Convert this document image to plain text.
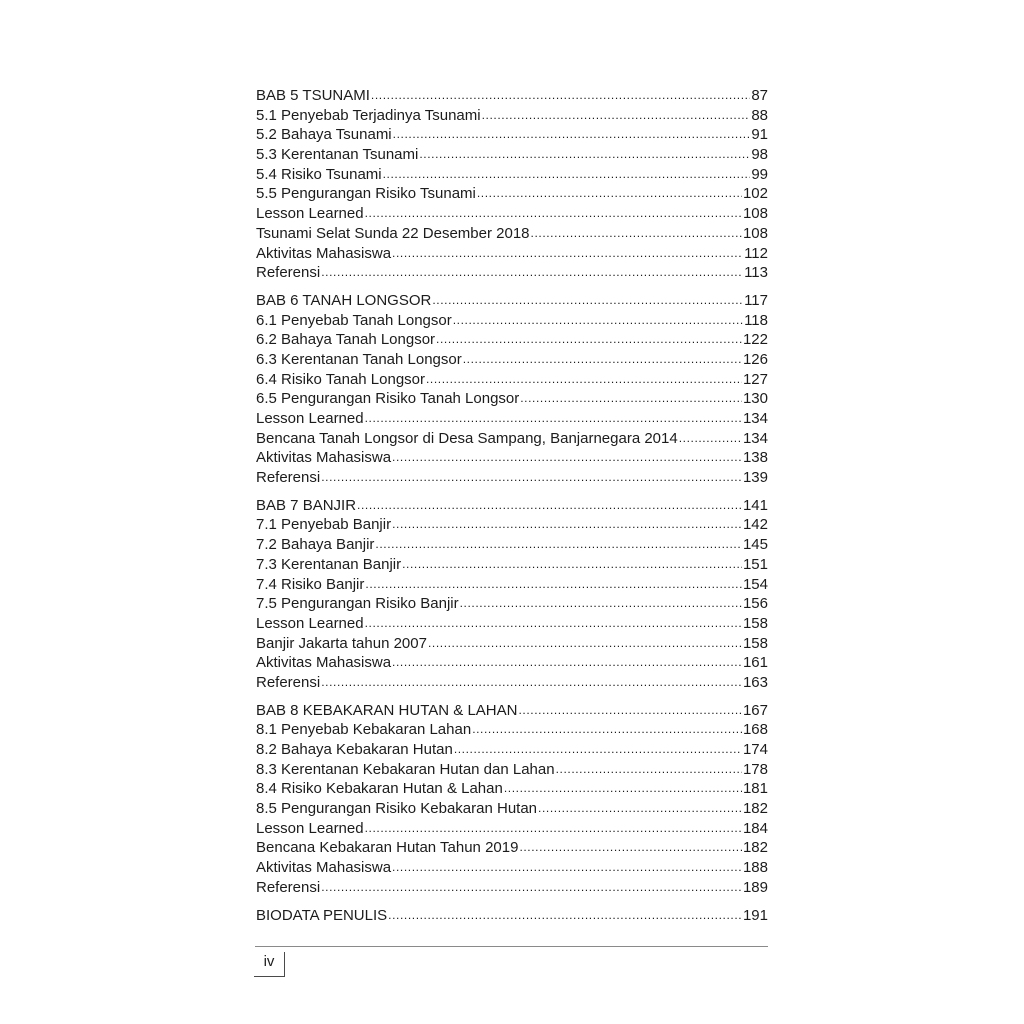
BAB 5 TSUNAMI .....	87
5.1 Penyebab Terjadinya Tsunami .....	88
5.2 Bahaya Tsunami .....	91
5.3 Kerentanan Tsunami .....	98
5.4 Risiko Tsunami .....	99
5.5 Pengurangan Risiko Tsunami .....	102
Lesson Learned .....	108
Tsunami Selat Sunda 22 Desember 2018 .....	108
Aktivitas Mahasiswa .....	112
Referensi .....	113
BAB 6 TANAH LONGSOR .....	117
6.1 Penyebab Tanah Longsor .....	118
6.2 Bahaya Tanah Longsor .....	122
6.3 Kerentanan Tanah Longsor .....	126
6.4 Risiko Tanah Longsor .....	127
6.5 Pengurangan Risiko Tanah Longsor .....	130
Lesson Learned .....	134
Bencana Tanah Longsor di Desa Sampang, Banjarnegara 2014 .....	134
Aktivitas Mahasiswa .....	138
Referensi .....	139
BAB 7 BANJIR .....	141
7.1 Penyebab Banjir .....	142
7.2 Bahaya Banjir .....	145
7.3 Kerentanan Banjir .....	151
7.4 Risiko Banjir .....	154
7.5 Pengurangan Risiko Banjir .....	156
Lesson Learned .....	158
Banjir Jakarta tahun 2007 .....	158
Aktivitas Mahasiswa .....	161
Referensi .....	163
BAB 8 KEBAKARAN HUTAN & LAHAN .....	167
8.1 Penyebab Kebakaran Lahan .....	168
8.2 Bahaya Kebakaran Hutan .....	174
8.3 Kerentanan Kebakaran Hutan dan Lahan .....	178
8.4 Risiko Kebakaran Hutan & Lahan .....	181
8.5 Pengurangan Risiko Kebakaran Hutan .....	182
Lesson Learned .....	184
Bencana Kebakaran Hutan Tahun 2019 .....	182
Aktivitas Mahasiswa .....	188
Referensi .....	189
BIODATA PENULIS .....	191
iv
